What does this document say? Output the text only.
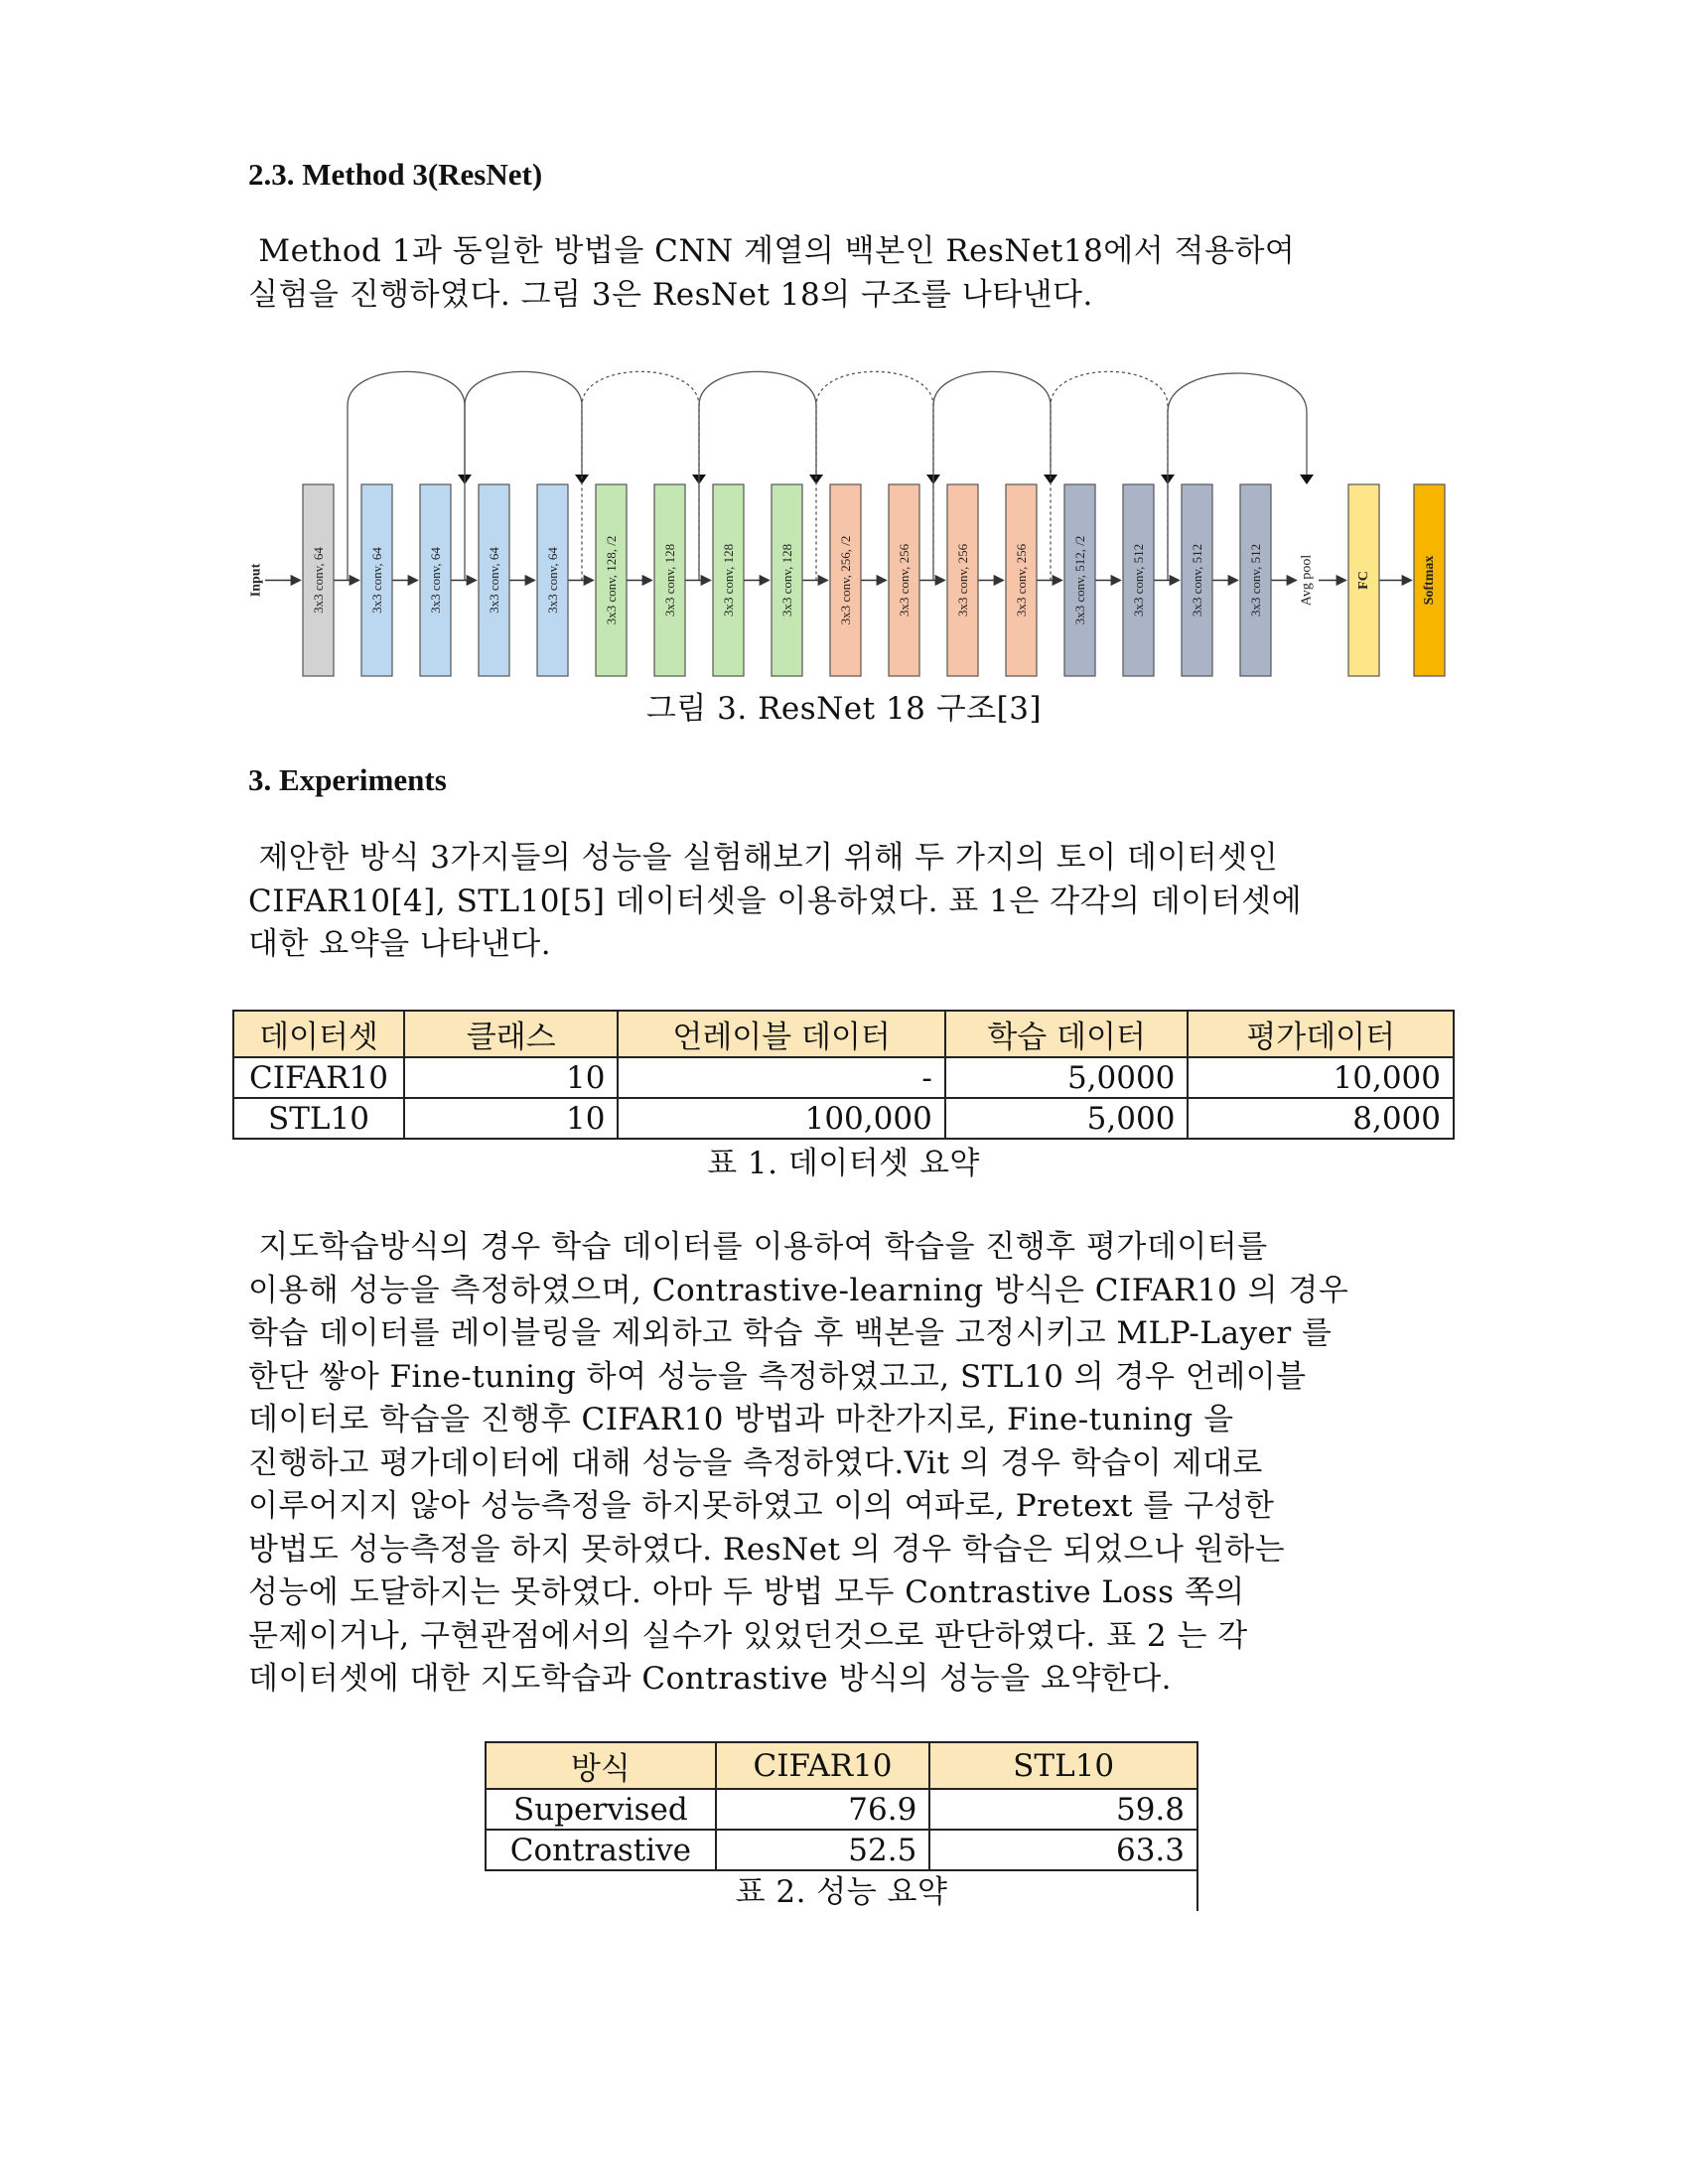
2.3. Method 3(ResNet)
Method 1과 동일한 방법을 CNN 계열의 백본인 ResNet18에서 적용하여
실험을 진행하였다. 그림 3은 ResNet 18의 구조를 나타낸다.
Input	3x3 conv, 64	3x3 conv, 64	3x3 conv, 64	3x3 conv, 64	3x3 conv, 64	3x3 conv, 128, /2	3x3 conv, 128	3x3 conv, 128	3x3 conv, 128	3x3 conv, 256, /2	3x3 conv, 256	3x3 conv, 256	3x3 conv, 256	3x3 conv, 512, /2	3x3 conv, 512	3x3 conv, 512	3x3 conv, 512	Avg pool	FC	Softmax

그림 3. ResNet 18 구조[3]

3. Experiments
제안한 방식 3가지들의 성능을 실험해보기 위해 두 가지의 토이 데이터셋인
CIFAR10[4], STL10[5] 데이터셋을 이용하였다. 표 1은 각각의 데이터셋에
대한 요약을 나타낸다.
데이터셋	클래스	언레이블 데이터	학습 데이터	평가데이터
CIFAR10	10	-	5,0000	10,000
STL10	10	100,000	5,000	8,000

표 1. 데이터셋 요약

지도학습방식의 경우 학습 데이터를 이용하여 학습을 진행후 평가데이터를
이용해 성능을 측정하였으며, Contrastive-learning 방식은 CIFAR10 의 경우
학습 데이터를 레이블링을 제외하고 학습 후 백본을 고정시키고 MLP-Layer 를
한단 쌓아 Fine-tuning 하여 성능을 측정하였고고, STL10 의 경우 언레이블
데이터로 학습을 진행후 CIFAR10 방법과 마찬가지로, Fine-tuning 을
진행하고 평가데이터에 대해 성능을 측정하였다.Vit 의 경우 학습이 제대로
이루어지지 않아 성능측정을 하지못하였고 이의 여파로, Pretext 를 구성한
방법도 성능측정을 하지 못하였다. ResNet 의 경우 학습은 되었으나 원하는
성능에 도달하지는 못하였다. 아마 두 방법 모두 Contrastive Loss 쪽의
문제이거나, 구현관점에서의 실수가 있었던것으로 판단하였다. 표 2 는 각
데이터셋에 대한 지도학습과 Contrastive 방식의 성능을 요약한다.
방식	CIFAR10	STL10
Supervised	76.9	59.8
Contrastive	52.5	63.3

표 2. 성능 요약
